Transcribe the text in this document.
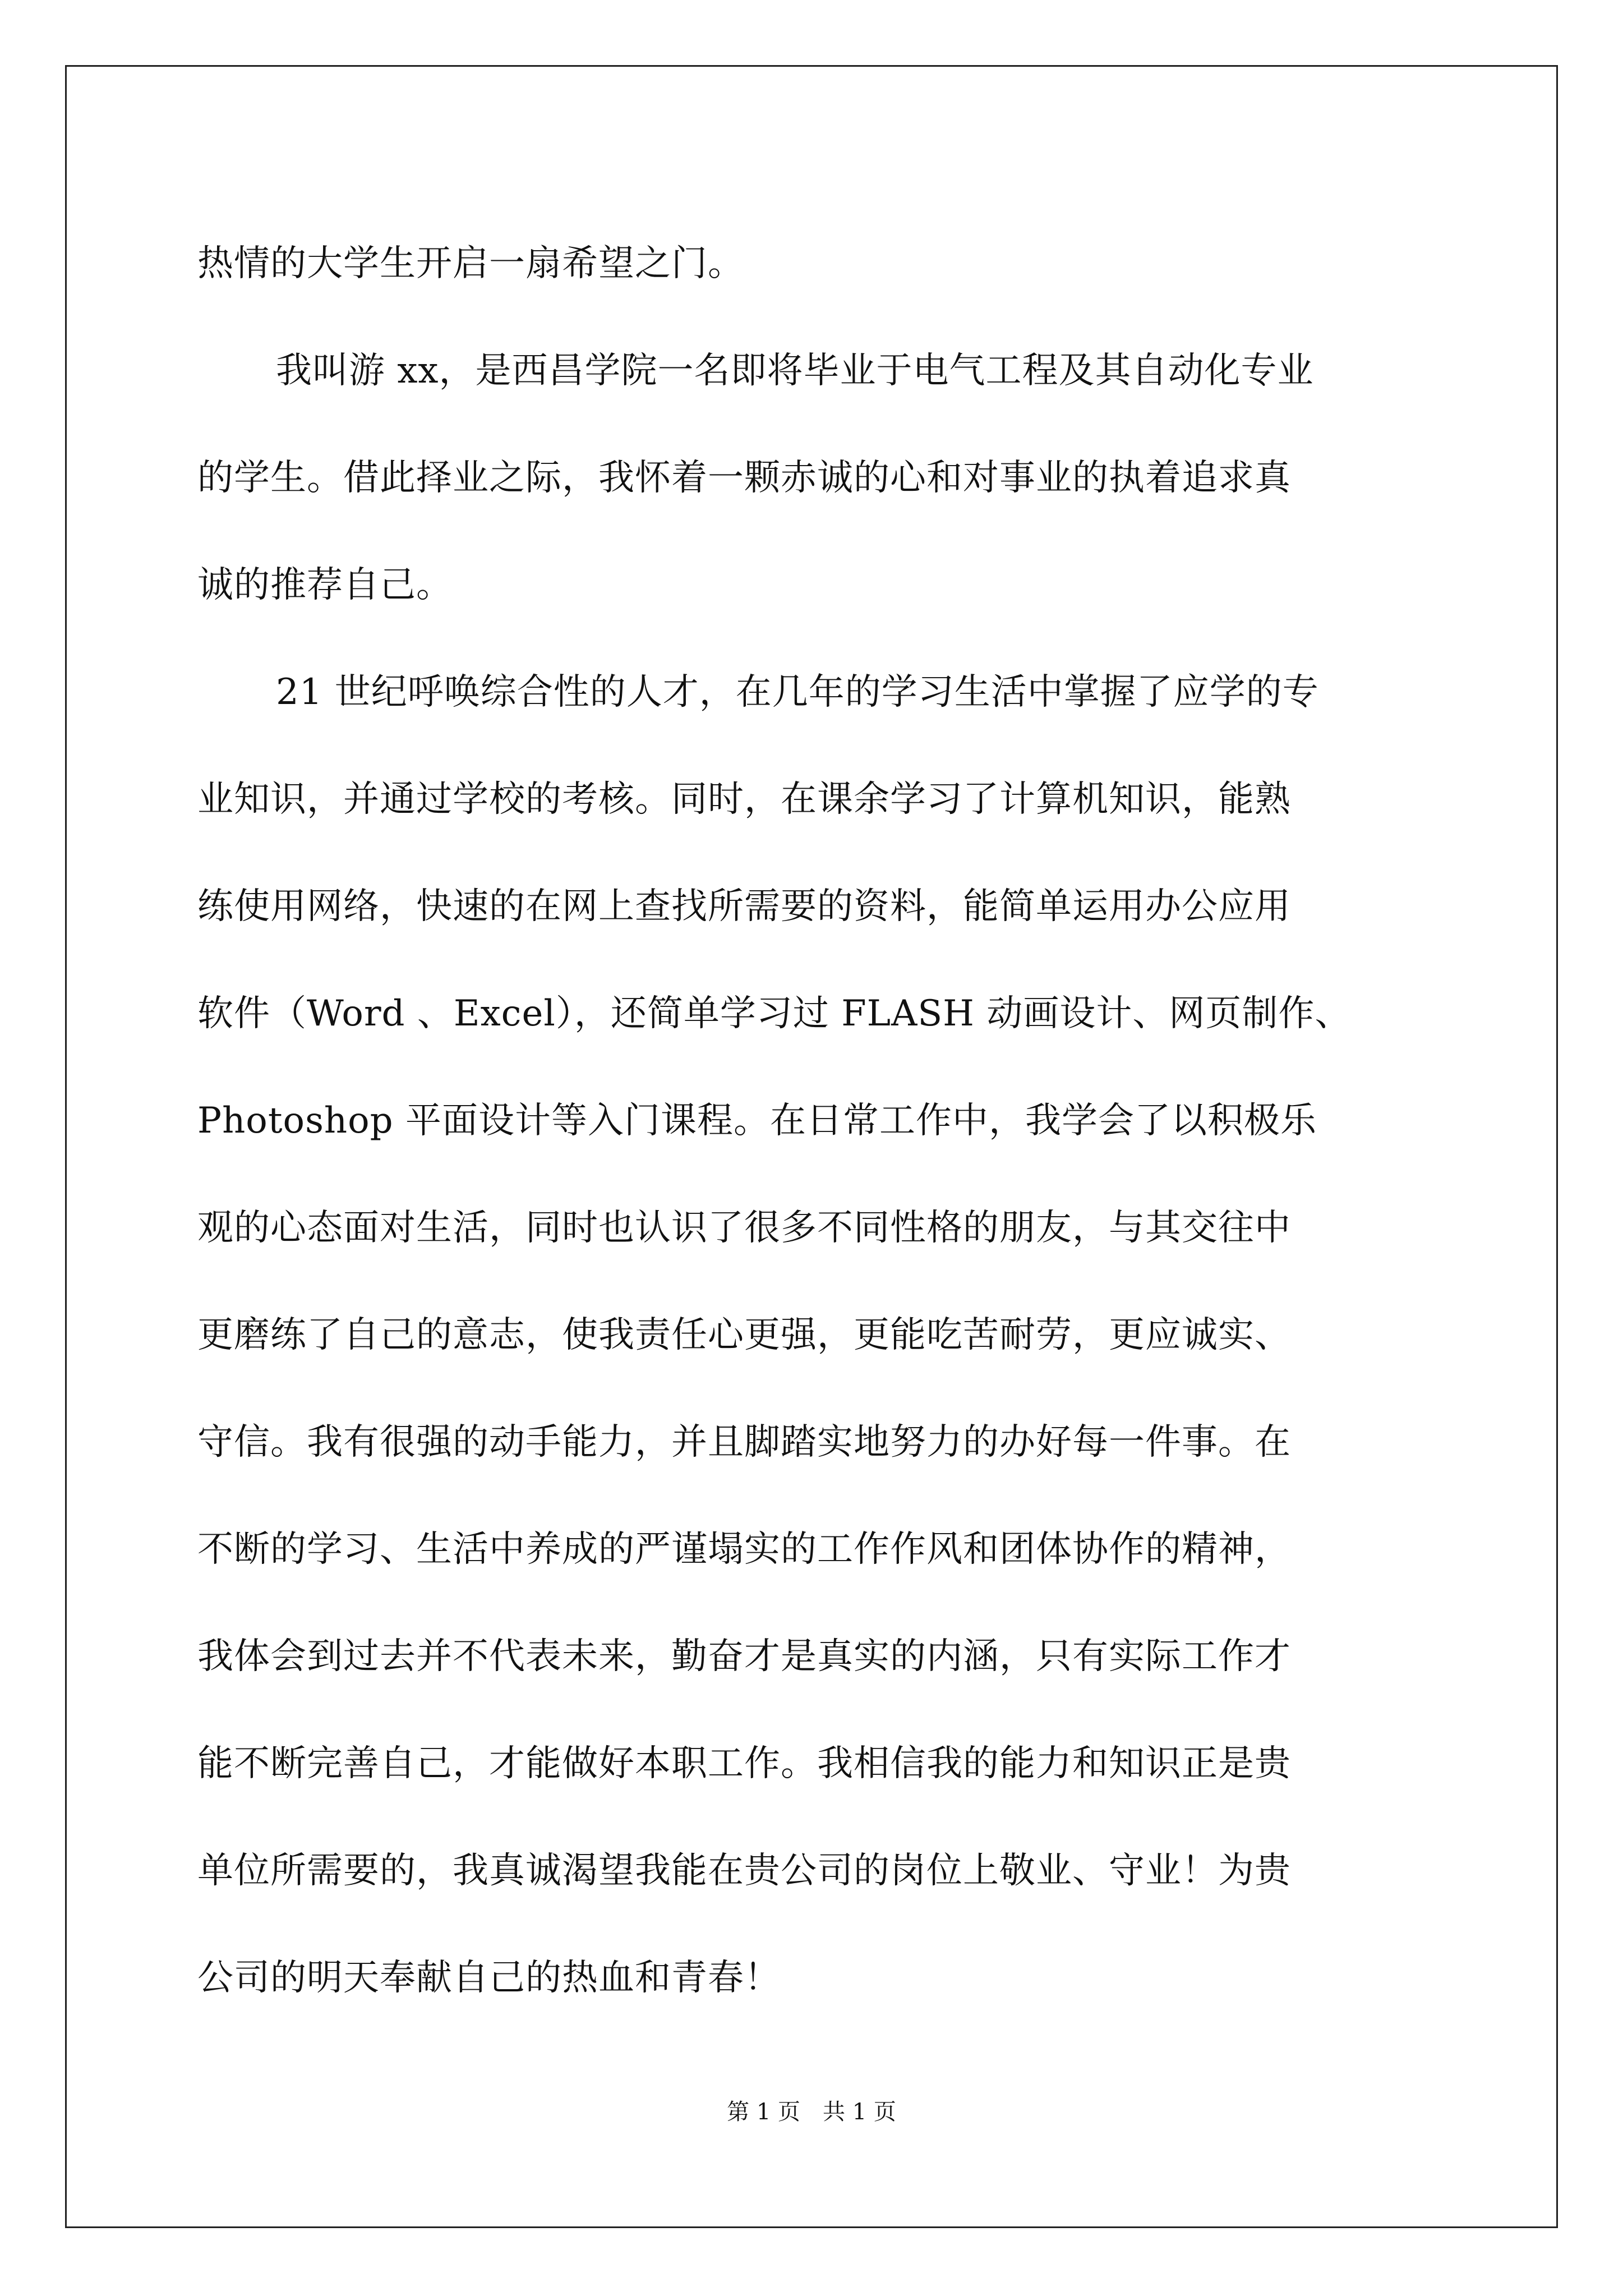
热情的大学生开启一扇希望之门。
我叫游 xx，是西昌学院一名即将毕业于电气工程及其自动化专业
的学生。借此择业之际，我怀着一颗赤诚的心和对事业的执着追求真
诚的推荐自己。
21 世纪呼唤综合性的人才，在几年的学习生活中掌握了应学的专
业知识，并通过学校的考核。同时，在课余学习了计算机知识，能熟
练使用网络，快速的在网上查找所需要的资料，能简单运用办公应用
软件（Word 、Excel），还简单学习过 FLASH 动画设计、网页制作、
Photoshop 平面设计等入门课程。在日常工作中，我学会了以积极乐
观的心态面对生活，同时也认识了很多不同性格的朋友，与其交往中
更磨练了自己的意志，使我责任心更强，更能吃苦耐劳，更应诚实、
守信。我有很强的动手能力，并且脚踏实地努力的办好每一件事。在
不断的学习、生活中养成的严谨塌实的工作作风和团体协作的精神，
我体会到过去并不代表未来，勤奋才是真实的内涵，只有实际工作才
能不断完善自己，才能做好本职工作。我相信我的能力和知识正是贵
单位所需要的，我真诚渴望我能在贵公司的岗位上敬业、守业！为贵
公司的明天奉献自己的热血和青春！
第 1 页　共 1 页
